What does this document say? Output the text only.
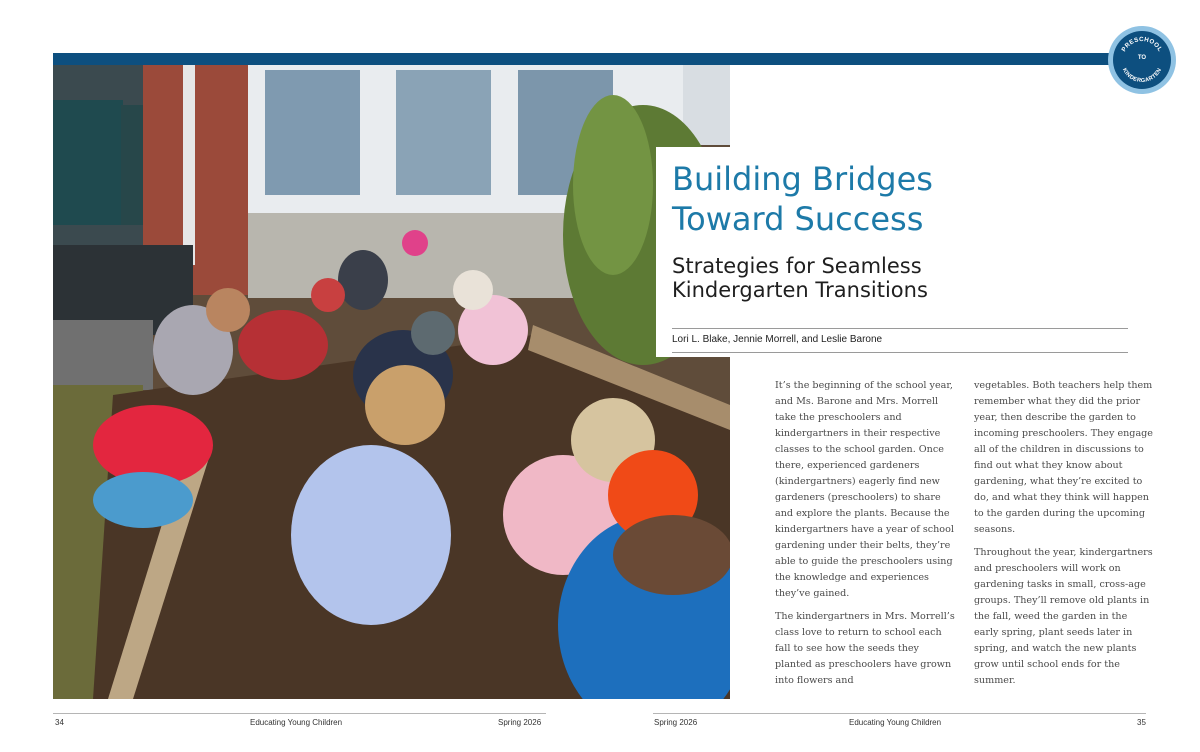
PRESCHOOL
KINDERGARTEN
TO
Building Bridges
Toward Success
Strategies for Seamless
Kindergarten Transitions
Lori L. Blake, Jennie Morrell, and Leslie Barone

It’s the beginning of the school year, and Ms. Barone and Mrs. Morrell take the preschoolers and kindergartners in their respective classes to the school garden. Once there, experienced gardeners (kindergartners) eagerly find new gardeners (preschoolers) to share and explore the plants. Because the kindergartners have a year of school gardening under their belts, they’re able to guide the preschoolers using the knowledge and experiences they’ve gained.

The kindergartners in Mrs. Morrell’s class love to return to school each fall to see how the seeds they planted as preschoolers have grown into flowers and

vegetables. Both teachers help them remember what they did the prior year, then describe the garden to incoming preschoolers. They engage all of the children in discussions to find out what they know about gardening, what they’re excited to do, and what they think will happen to the garden during the upcoming seasons.

Throughout the year, kindergartners and preschoolers will work on gardening tasks in small, cross-age groups. They’ll remove old plants in the fall, weed the garden in the early spring, plant seeds later in spring, and watch the new plants grow until school ends for the summer.

34	Educating Young Children	Spring 2026	Spring 2026	Educating Young Children	35
